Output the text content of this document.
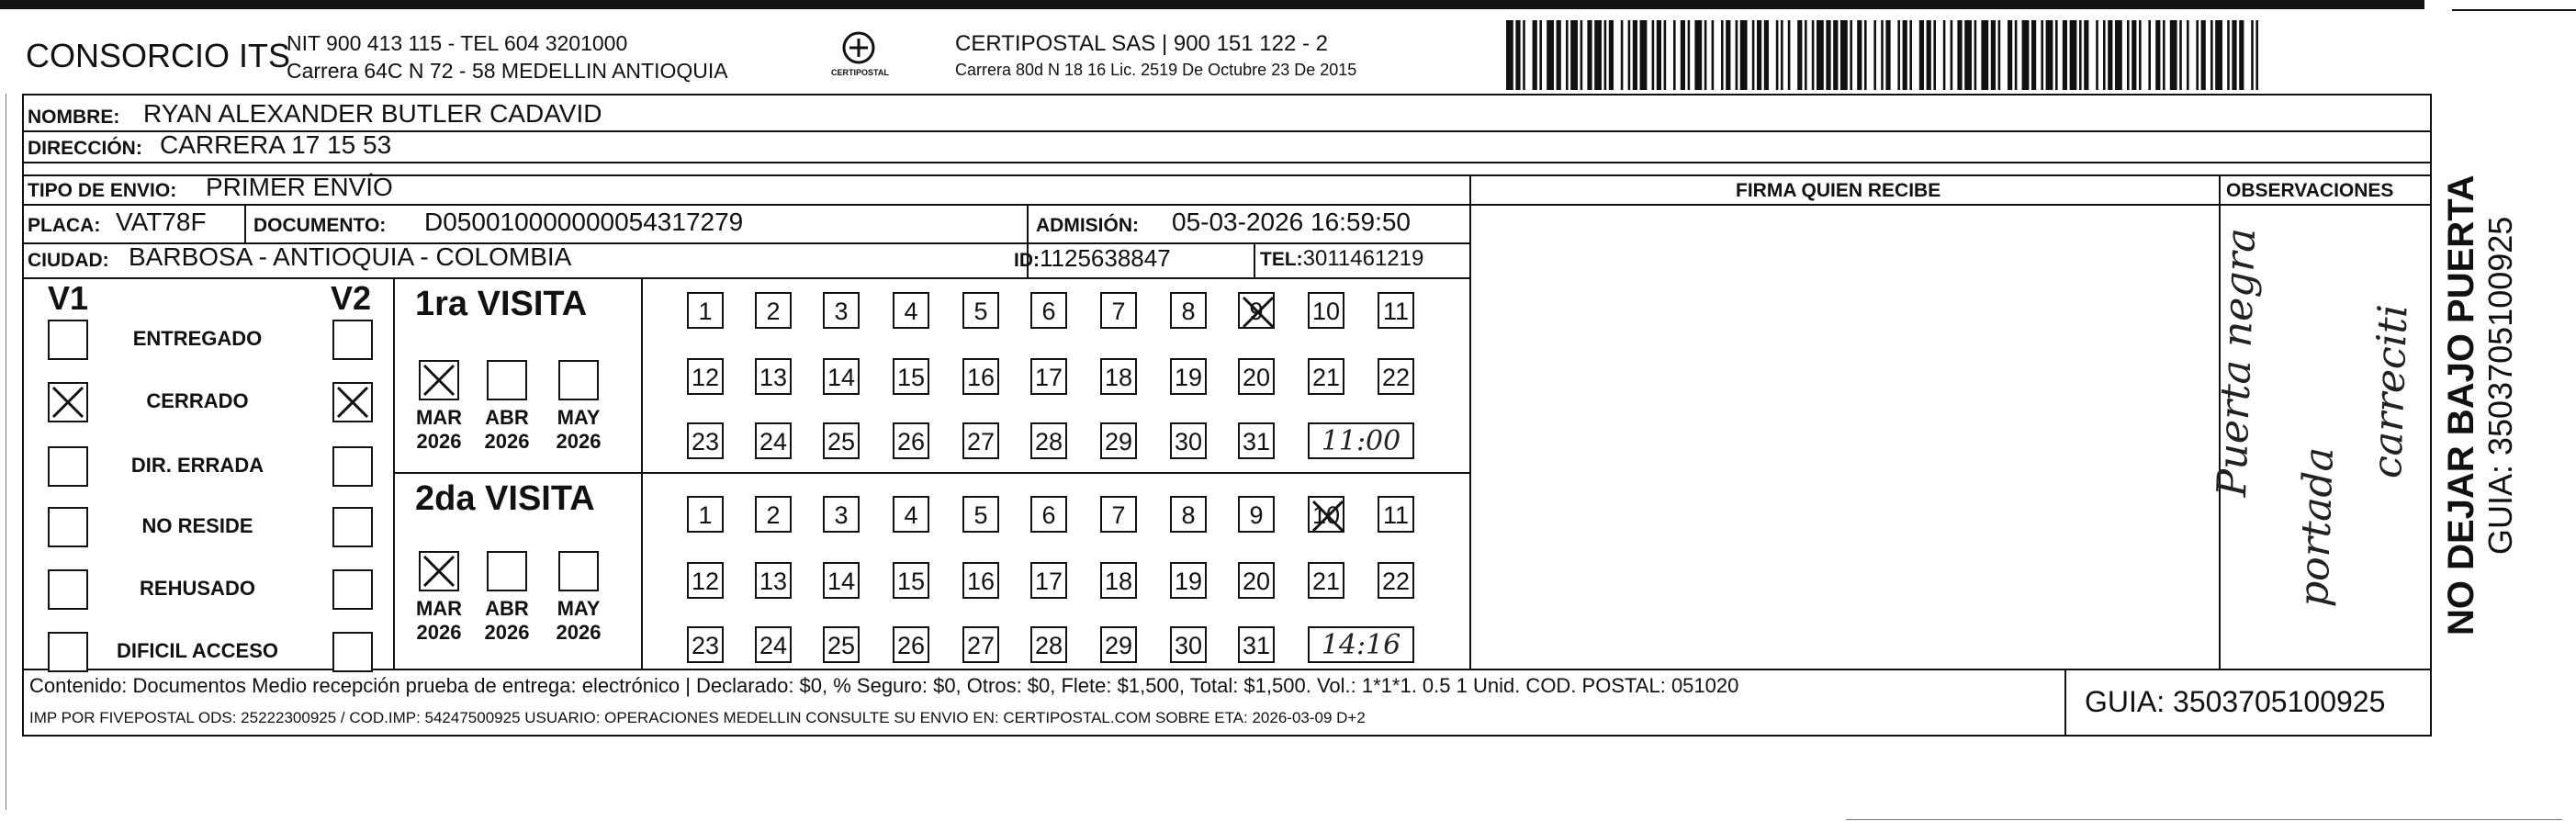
CONSORCIO ITS
NIT 900 413 115 - TEL 604 3201000
Carrera 64C N 72 - 58 MEDELLIN ANTIOQUIA	CERTIPOSTAL
CERTIPOSTAL SAS | 900 151 122 - 2
Carrera 80d N 18 16 Lic. 2519 De Octubre 23 De 2015
NOMBRE: RYAN ALEXANDER BUTLER CADAVID
DIRECCIÓN: CARRERA 17 15 53
TIPO DE ENVIO: PRIMER ENVÍO
PLACA: VAT78F DOCUMENTO: D050010000000054317279	ADMISIÓN: 05-03-2026 16:59:50
CIUDAD: BARBOSA - ANTIOQUIA - COLOMBIA	ID:1125638847	TEL:3011461219
FIRMA QUIEN RECIBE	OBSERVACIONES
Puerta negra
portada
carreciti
V1	V2
ENTREGADO
CERRADO
DIR. ERRADA
NO RESIDE
REHUSADO
DIFICIL ACCESO
1ra VISITA
MAR
2026
ABR
2026
MAY
2026
1	2	3	4	5	6	7	8	9	10 11
12 13 14 15 16 17 18 19 20 21 22
23 24 25 26 27 28 29 30 31	11:00
2da VISITA
MAR
2026
ABR
2026
MAY
2026
1	2	3	4	5	6	7	8	9	10 11
12 13 14 15 16 17 18 19 20 21 22
23 24 25 26 27 28 29 30 31	14:16
Contenido: Documentos Medio recepción prueba de entrega: electrónico | Declarado: $0, % Seguro: $0, Otros: $0, Flete: $1,500, Total: $1,500. Vol.: 1*1*1. 0.5 1 Unid. COD. POSTAL: 051020
IMP POR FIVEPOSTAL ODS: 25222300925 / COD.IMP: 54247500925 USUARIO: OPERACIONES MEDELLIN CONSULTE SU ENVIO EN: CERTIPOSTAL.COM SOBRE ETA: 2026-03-09 D+2	GUIA: 3503705100925
NO DEJAR BAJO PUERTA GUIA: 3503705100925
